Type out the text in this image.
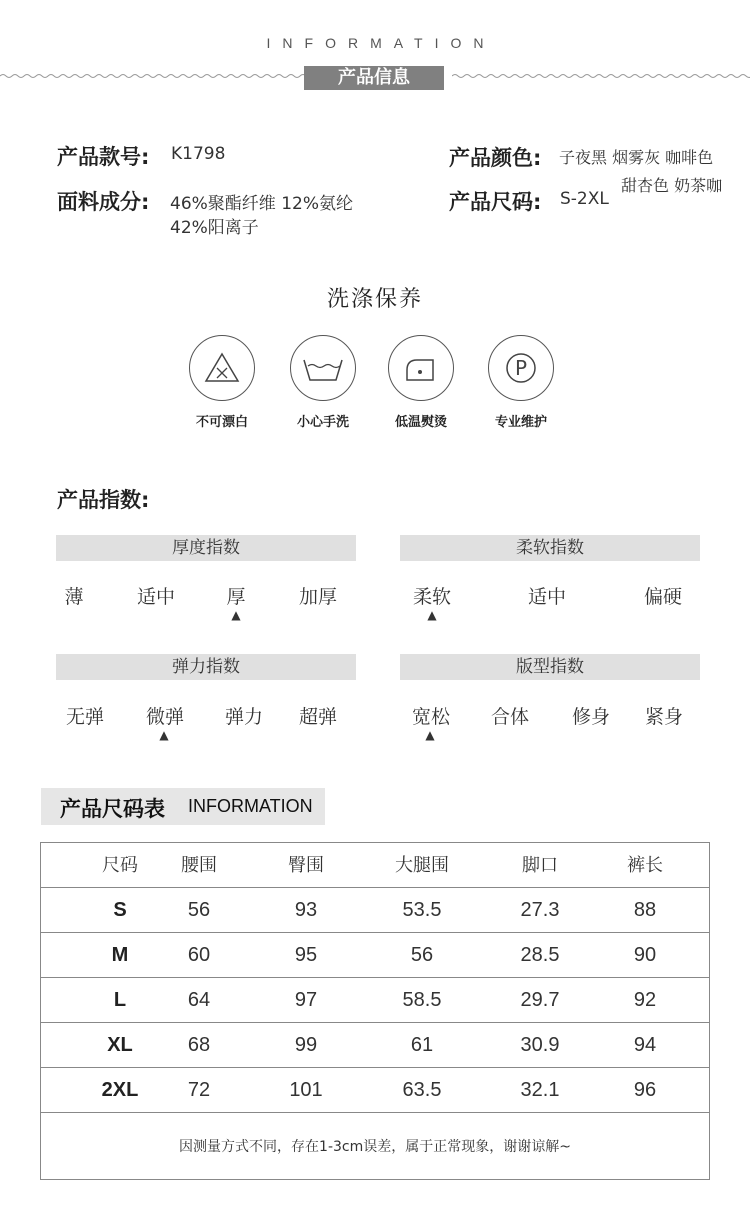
INFORMATION
产品信息
产品款号: K1798
面料成分: 46%聚酯纤维 12%氨纶
42%阳离子
产品颜色: 子夜黑 烟雾灰 咖啡色
甜杏色 奶茶咖
产品尺码: S-2XL
洗涤保养
不可漂白	小心手洗	低温熨烫
P
专业维护
产品指数:
厚度指数
薄	适中	厚	加厚
▲
柔软指数
柔软	适中	偏硬
▲
弹力指数
无弹	微弹	弹力	超弹
▲
版型指数
宽松	合体	修身	紧身
▲
产品尺码表 INFORMATION
尺码	腰围	臀围	大腿围	脚口	裤长
S	56	93	53.5	27.3	88
M	60	95	56	28.5	90
L	64	97	58.5	29.7	92
XL	68	99	61	30.9	94
2XL	72	101	63.5	32.1	96
因测量方式不同，存在1-3cm误差，属于正常现象，谢谢谅解~
